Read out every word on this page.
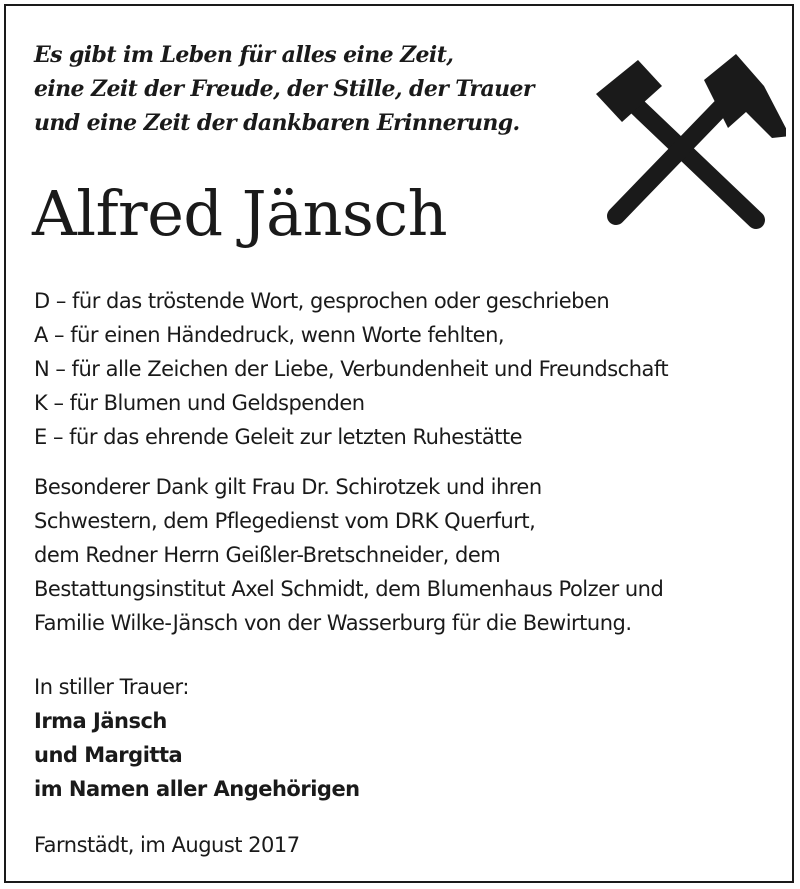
Es gibt im Leben für alles eine Zeit,
eine Zeit der Freude, der Stille, der Trauer
und eine Zeit der dankbaren Erinnerung.
Alfred Jänsch
D – für das tröstende Wort, gesprochen oder geschrieben
A – für einen Händedruck, wenn Worte fehlten,
N – für alle Zeichen der Liebe, Verbundenheit und Freundschaft
K – für Blumen und Geldspenden
E – für das ehrende Geleit zur letzten Ruhestätte

Besonderer Dank gilt Frau Dr. Schirotzek und ihren
Schwestern, dem Pflegedienst vom DRK Querfurt,
dem Redner Herrn Geißler-Bretschneider, dem
Bestattungsinstitut Axel Schmidt, dem Blumenhaus Polzer und
Familie Wilke-Jänsch von der Wasserburg für die Bewirtung.

In stiller Trauer:
Irma Jänsch
und Margitta
im Namen aller Angehörigen
Farnstädt, im August 2017
